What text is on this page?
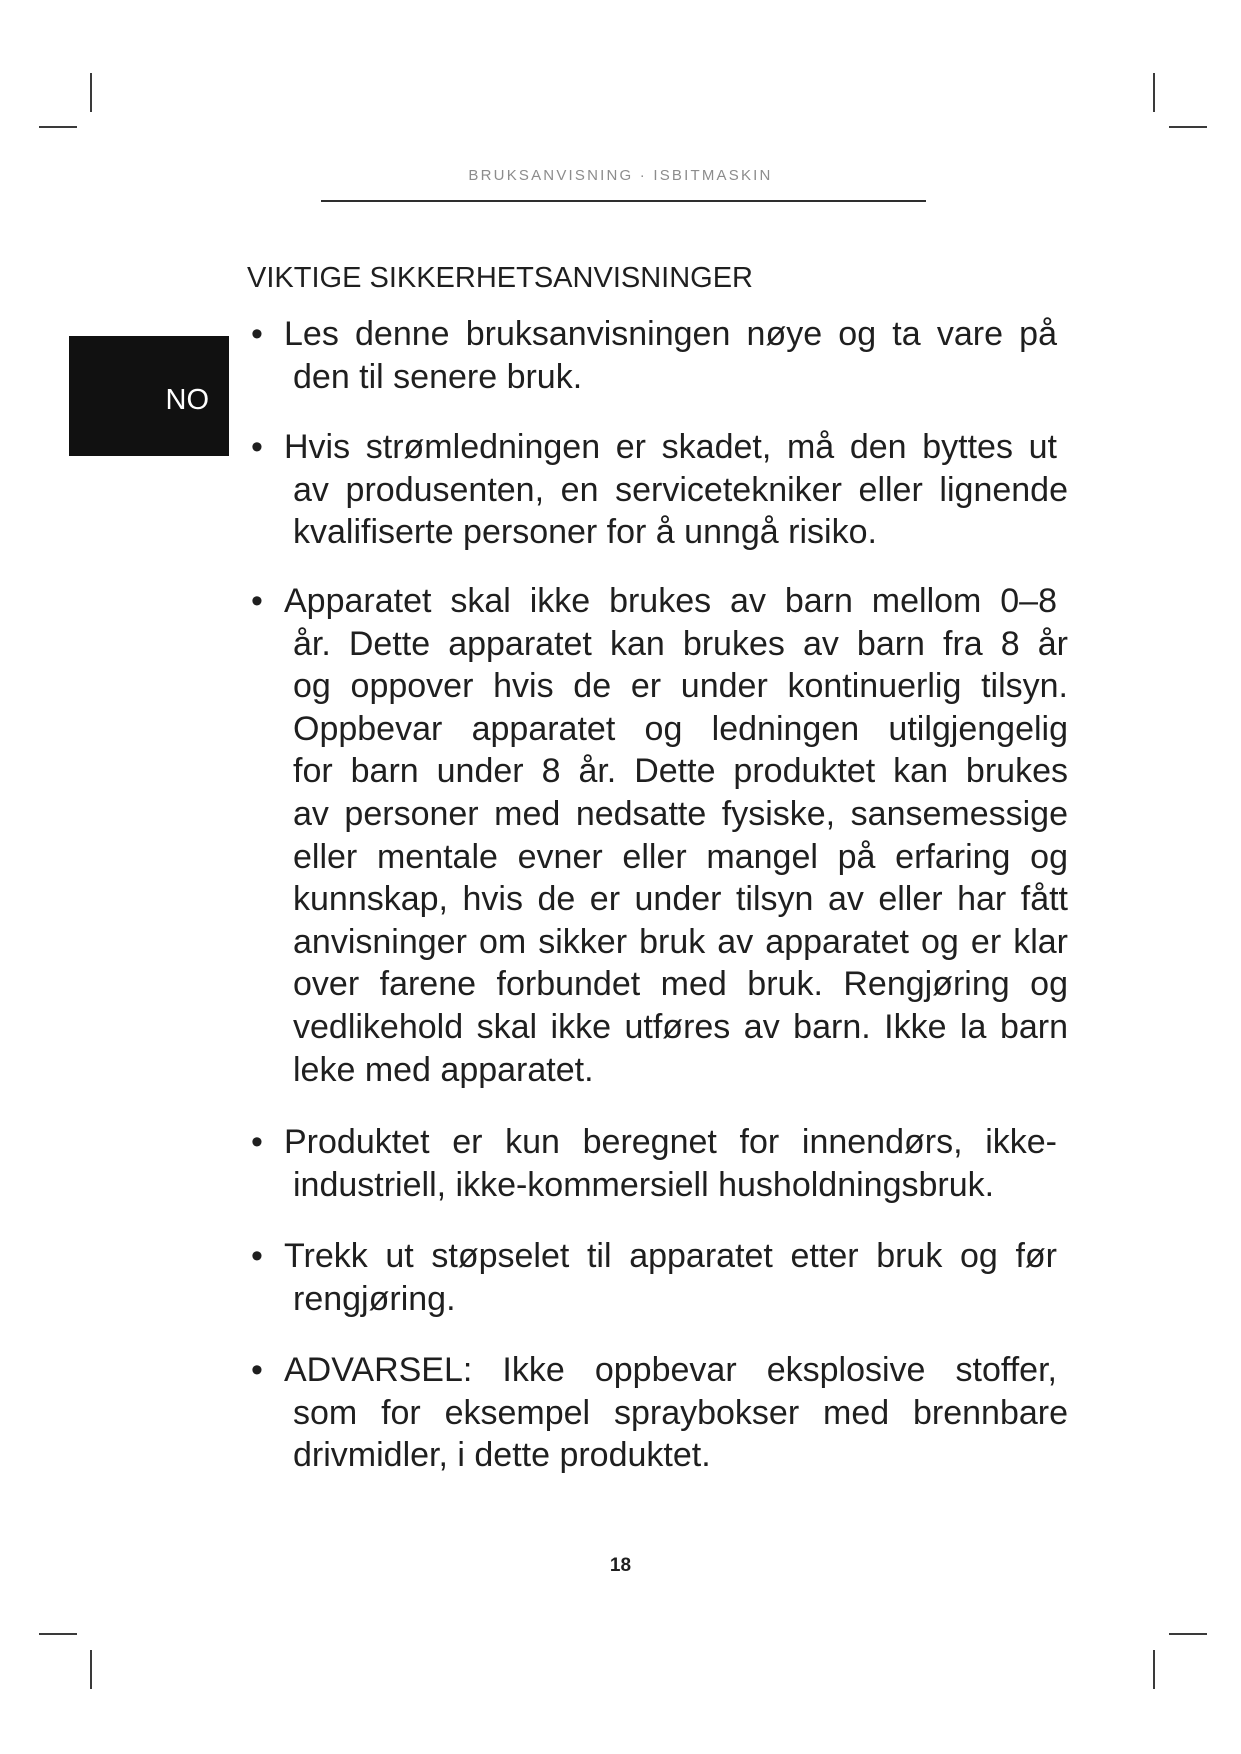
BRUKSANVISNING · ISBITMASKIN
NO
VIKTIGE SIKKERHETSANVISNINGER
• Les denne bruksanvisningen nøye og ta vare på
den til senere bruk.
• Hvis strømledningen er skadet, må den byttes ut
av produsenten, en servicetekniker eller lignende
kvalifiserte personer for å unngå risiko.
• Apparatet skal ikke brukes av barn mellom 0–8
år. Dette apparatet kan brukes av barn fra 8 år
og oppover hvis de er under kontinuerlig tilsyn.
Oppbevar apparatet og ledningen utilgjengelig
for barn under 8 år. Dette produktet kan brukes
av personer med nedsatte fysiske, sansemessige
eller mentale evner eller mangel på erfaring og
kunnskap, hvis de er under tilsyn av eller har fått
anvisninger om sikker bruk av apparatet og er klar
over farene forbundet med bruk. Rengjøring og
vedlikehold skal ikke utføres av barn. Ikke la barn
leke med apparatet.
• Produktet er kun beregnet for innendørs, ikke-
industriell, ikke-kommersiell husholdningsbruk.
• Trekk ut støpselet til apparatet etter bruk og før
rengjøring.
• ADVARSEL: Ikke oppbevar eksplosive stoffer,
som for eksempel spraybokser med brennbare
drivmidler, i dette produktet.
18
